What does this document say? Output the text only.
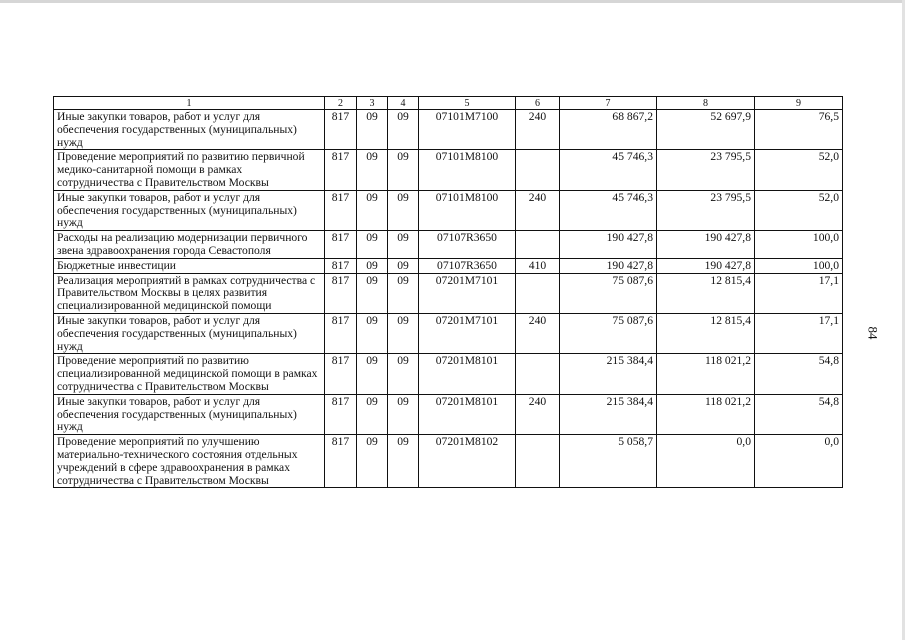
1	2	3	4	5	6	7	8	9
Иные закупки товаров, работ и услуг для обеспечения государственных (муниципальных) нужд	817	09	09	07101М7100	240	68 867,2	52 697,9	76,5
Проведение мероприятий по развитию первичной медико-санитарной помощи в рамках сотрудничества с Правительством Москвы	817	09	09	07101М8100		45 746,3	23 795,5	52,0
Иные закупки товаров, работ и услуг для обеспечения государственных (муниципальных) нужд	817	09	09	07101М8100	240	45 746,3	23 795,5	52,0
Расходы на реализацию модернизации первичного звена здравоохранения города Севастополя	817	09	09	07107R3650		190 427,8	190 427,8	100,0
Бюджетные инвестиции	817	09	09	07107R3650	410	190 427,8	190 427,8	100,0
Реализация мероприятий в рамках сотрудничества с Правительством Москвы в целях развития специализированной медицинской помощи	817	09	09	07201М7101		75 087,6	12 815,4	17,1
Иные закупки товаров, работ и услуг для обеспечения государственных (муниципальных) нужд	817	09	09	07201М7101	240	75 087,6	12 815,4	17,1
Проведение мероприятий по развитию специализированной медицинской помощи в рамках сотрудничества с Правительством Москвы	817	09	09	07201М8101		215 384,4	118 021,2	54,8
Иные закупки товаров, работ и услуг для обеспечения государственных (муниципальных) нужд	817	09	09	07201М8101	240	215 384,4	118 021,2	54,8
Проведение мероприятий по улучшению материально-технического состояния отдельных учреждений в сфере здравоохранения в рамках сотрудничества с Правительством Москвы	817	09	09	07201М8102		5 058,7	0,0	0,0
84
